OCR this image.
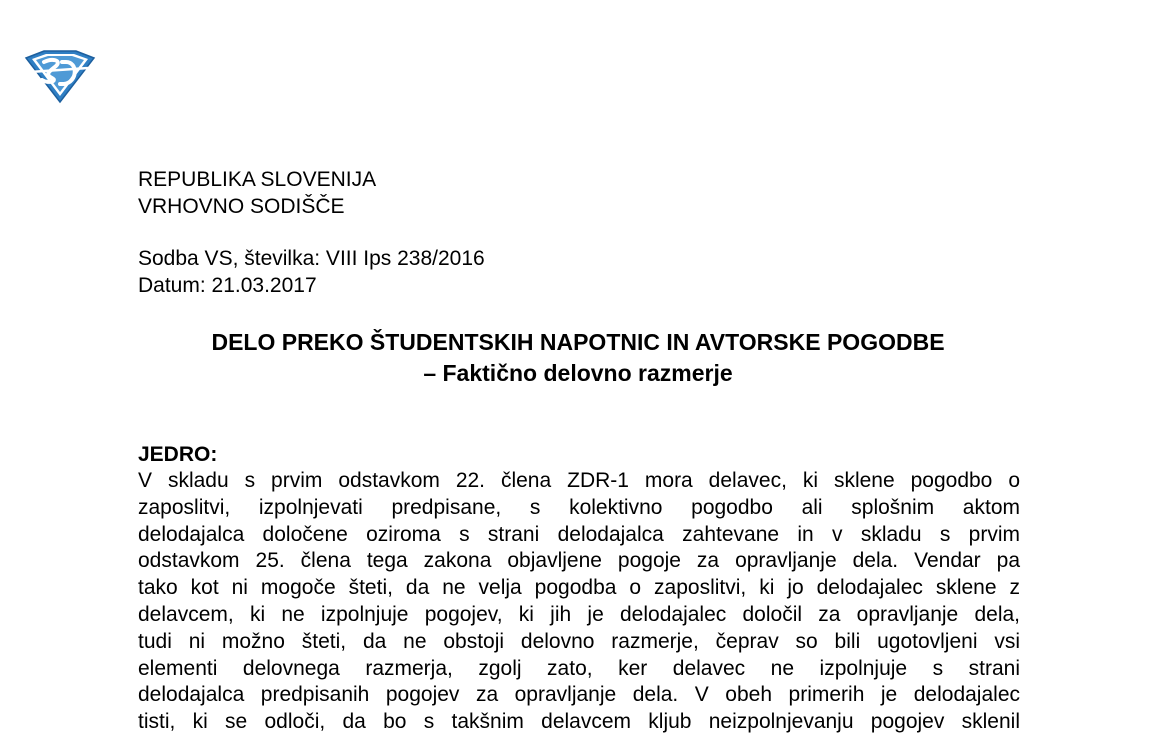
REPUBLIKA SLOVENIJA
VRHOVNO SODIŠČE
Sodba VS, številka: VIII Ips 238/2016
Datum: 21.03.2017
DELO PREKO ŠTUDENTSKIH NAPOTNIC IN AVTORSKE POGODBE
– Faktično delovno razmerje
JEDRO:
V skladu s prvim odstavkom 22. člena ZDR-1 mora delavec, ki sklene pogodbo o
zaposlitvi, izpolnjevati predpisane, s kolektivno pogodbo ali splošnim aktom
delodajalca določene oziroma s strani delodajalca zahtevane in v skladu s prvim
odstavkom 25. člena tega zakona objavljene pogoje za opravljanje dela. Vendar pa
tako kot ni mogoče šteti, da ne velja pogodba o zaposlitvi, ki jo delodajalec sklene z
delavcem, ki ne izpolnjuje pogojev, ki jih je delodajalec določil za opravljanje dela,
tudi ni možno šteti, da ne obstoji delovno razmerje, čeprav so bili ugotovljeni vsi
elementi delovnega razmerja, zgolj zato, ker delavec ne izpolnjuje s strani
delodajalca predpisanih pogojev za opravljanje dela. V obeh primerih je delodajalec
tisti, ki se odloči, da bo s takšnim delavcem kljub neizpolnjevanju pogojev sklenil
